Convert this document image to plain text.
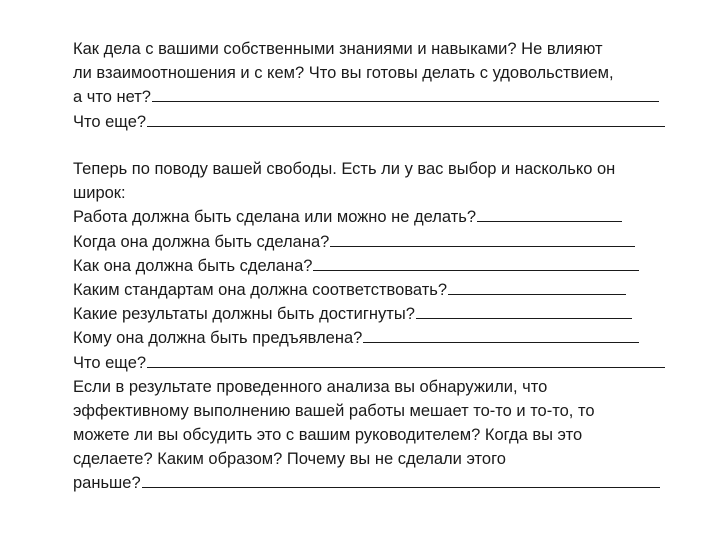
Как дела с вашими собственными знаниями и навыками? Не влияют
ли взаимоотношения и с кем? Что вы готовы делать с удовольствием,
а что нет?
Что еще?
Теперь по поводу вашей свободы. Есть ли у вас выбор и насколько он
широк:
Работа должна быть сделана или можно не делать?
Когда она должна быть сделана?
Как она должна быть сделана?
Каким стандартам она должна соответствовать?
Какие результаты должны быть достигнуты?
Кому она должна быть предъявлена?
Что еще?
Если в результате проведенного анализа вы обнаружили, что
эффективному выполнению вашей работы мешает то-то и то-то, то
можете ли вы обсудить это с вашим руководителем? Когда вы это
сделаете? Каким образом? Почему вы не сделали этого
раньше?
